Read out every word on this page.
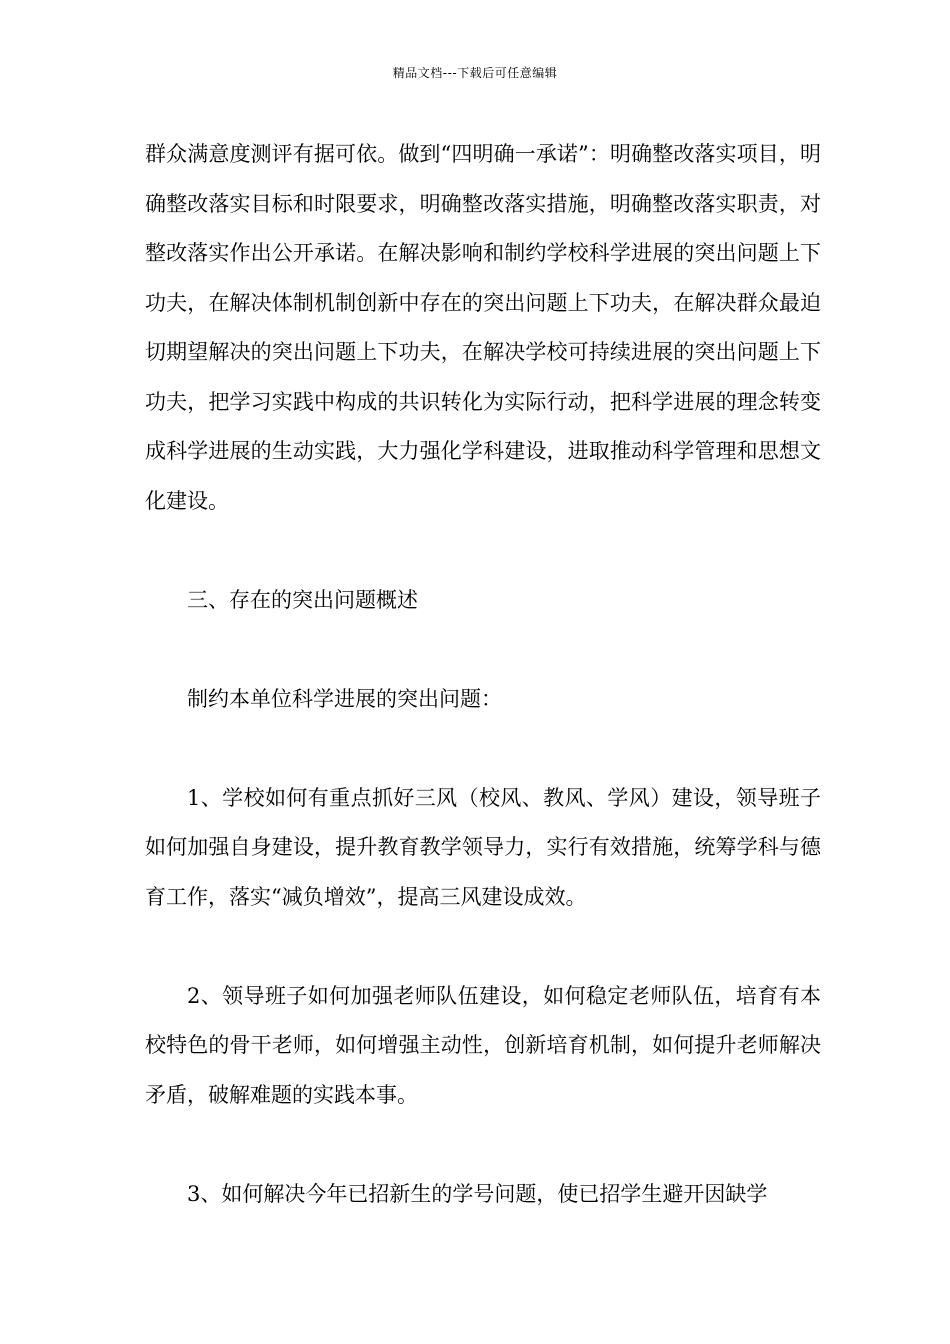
精品文档---下载后可任意编辑

群众满意度测评有据可依。做到“四明确一承诺”：明确整改落实项目，明确整改落实目标和时限要求，明确整改落实措施，明确整改落实职责，对整改落实作出公开承诺。在解决影响和制约学校科学进展的突出问题上下功夫，在解决体制机制创新中存在的突出问题上下功夫，在解决群众最迫切期望解决的突出问题上下功夫，在解决学校可持续进展的突出问题上下功夫，把学习实践中构成的共识转化为实际行动，把科学进展的理念转变成科学进展的生动实践，大力强化学科建设，进取推动科学管理和思想文化建设。

三、存在的突出问题概述

制约本单位科学进展的突出问题：

1、学校如何有重点抓好三风（校风、教风、学风）建设，领导班子如何加强自身建设，提升教育教学领导力，实行有效措施，统筹学科与德育工作，落实“减负增效”，提高三风建设成效。

2、领导班子如何加强老师队伍建设，如何稳定老师队伍，培育有本校特色的骨干老师，如何增强主动性，创新培育机制，如何提升老师解决矛盾，破解难题的实践本事。

3、如何解决今年已招新生的学号问题，使已招学生避开因缺学
